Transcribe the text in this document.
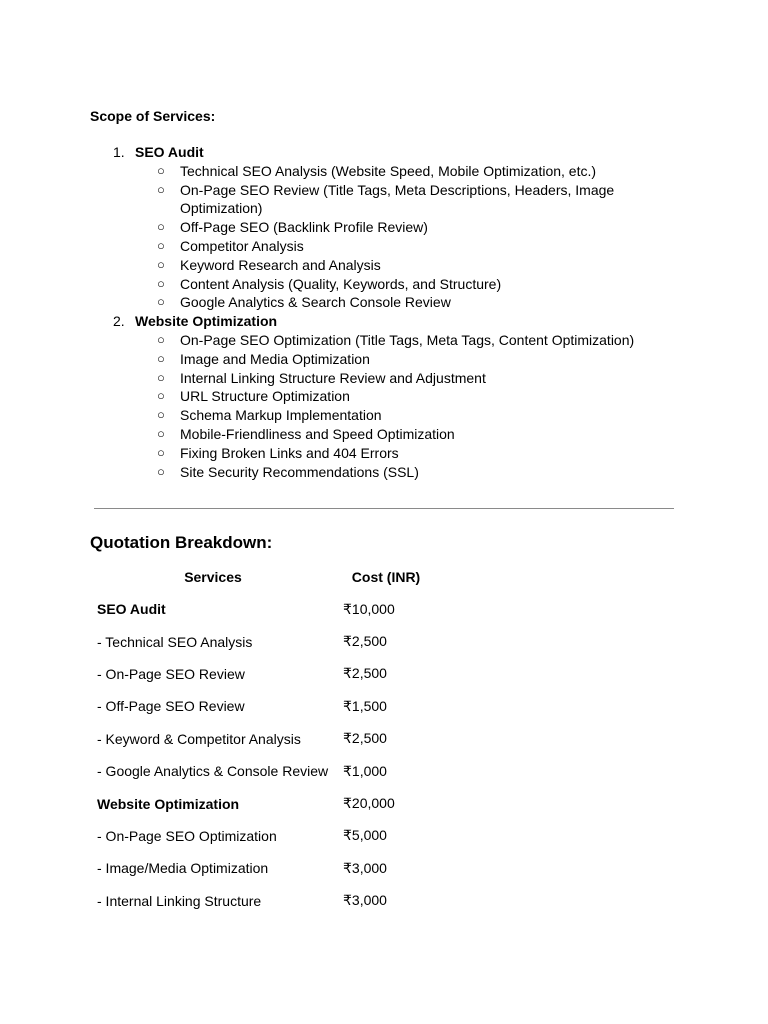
Scope of Services:

1. SEO Audit
○ Technical SEO Analysis (Website Speed, Mobile Optimization, etc.)
○ On-Page SEO Review (Title Tags, Meta Descriptions, Headers, Image Optimization)
○ Off-Page SEO (Backlink Profile Review)
○ Competitor Analysis
○ Keyword Research and Analysis
○ Content Analysis (Quality, Keywords, and Structure)
○ Google Analytics & Search Console Review
2. Website Optimization
○ On-Page SEO Optimization (Title Tags, Meta Tags, Content Optimization)
○ Image and Media Optimization
○ Internal Linking Structure Review and Adjustment
○ URL Structure Optimization
○ Schema Markup Implementation
○ Mobile-Friendliness and Speed Optimization
○ Fixing Broken Links and 404 Errors
○ Site Security Recommendations (SSL)

Quotation Breakdown:

Services	Cost (INR)
SEO Audit	₹10,000
- Technical SEO Analysis	₹2,500
- On-Page SEO Review	₹2,500
- Off-Page SEO Review	₹1,500
- Keyword & Competitor Analysis	₹2,500
- Google Analytics & Console Review	₹1,000
Website Optimization	₹20,000
- On-Page SEO Optimization	₹5,000
- Image/Media Optimization	₹3,000
- Internal Linking Structure	₹3,000
